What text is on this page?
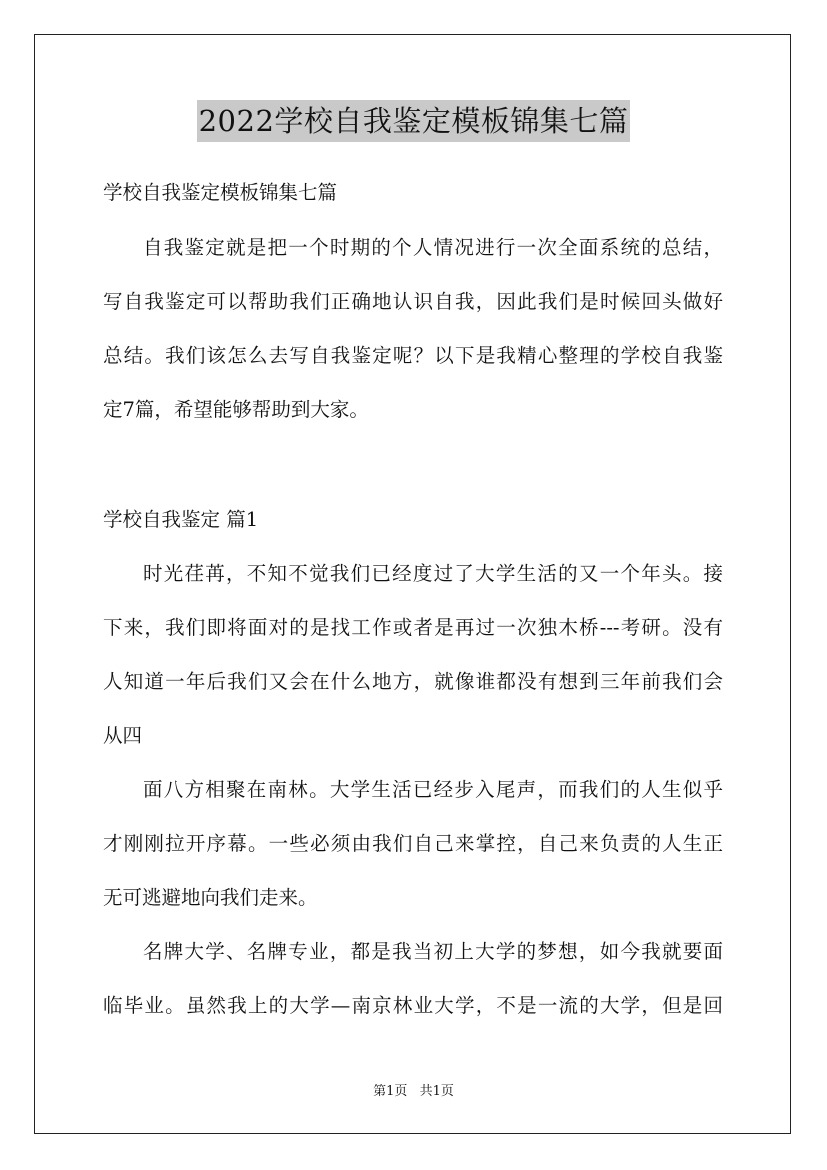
2022学校自我鉴定模板锦集七篇
学校自我鉴定模板锦集七篇
自我鉴定就是把一个时期的个人情况进行一次全面系统的总结，
写自我鉴定可以帮助我们正确地认识自我，因此我们是时候回头做好
总结。我们该怎么去写自我鉴定呢？以下是我精心整理的学校自我鉴
定7篇，希望能够帮助到大家。
学校自我鉴定 篇1
时光荏苒，不知不觉我们已经度过了大学生活的又一个年头。接
下来，我们即将面对的是找工作或者是再过一次独木桥---考研。没有
人知道一年后我们又会在什么地方，就像谁都没有想到三年前我们会
从四
面八方相聚在南林。大学生活已经步入尾声，而我们的人生似乎
才刚刚拉开序幕。一些必须由我们自己来掌控，自己来负责的人生正
无可逃避地向我们走来。
名牌大学、名牌专业，都是我当初上大学的梦想，如今我就要面
临毕业。虽然我上的大学—南京林业大学，不是一流的大学，但是回
第1页 共1页
